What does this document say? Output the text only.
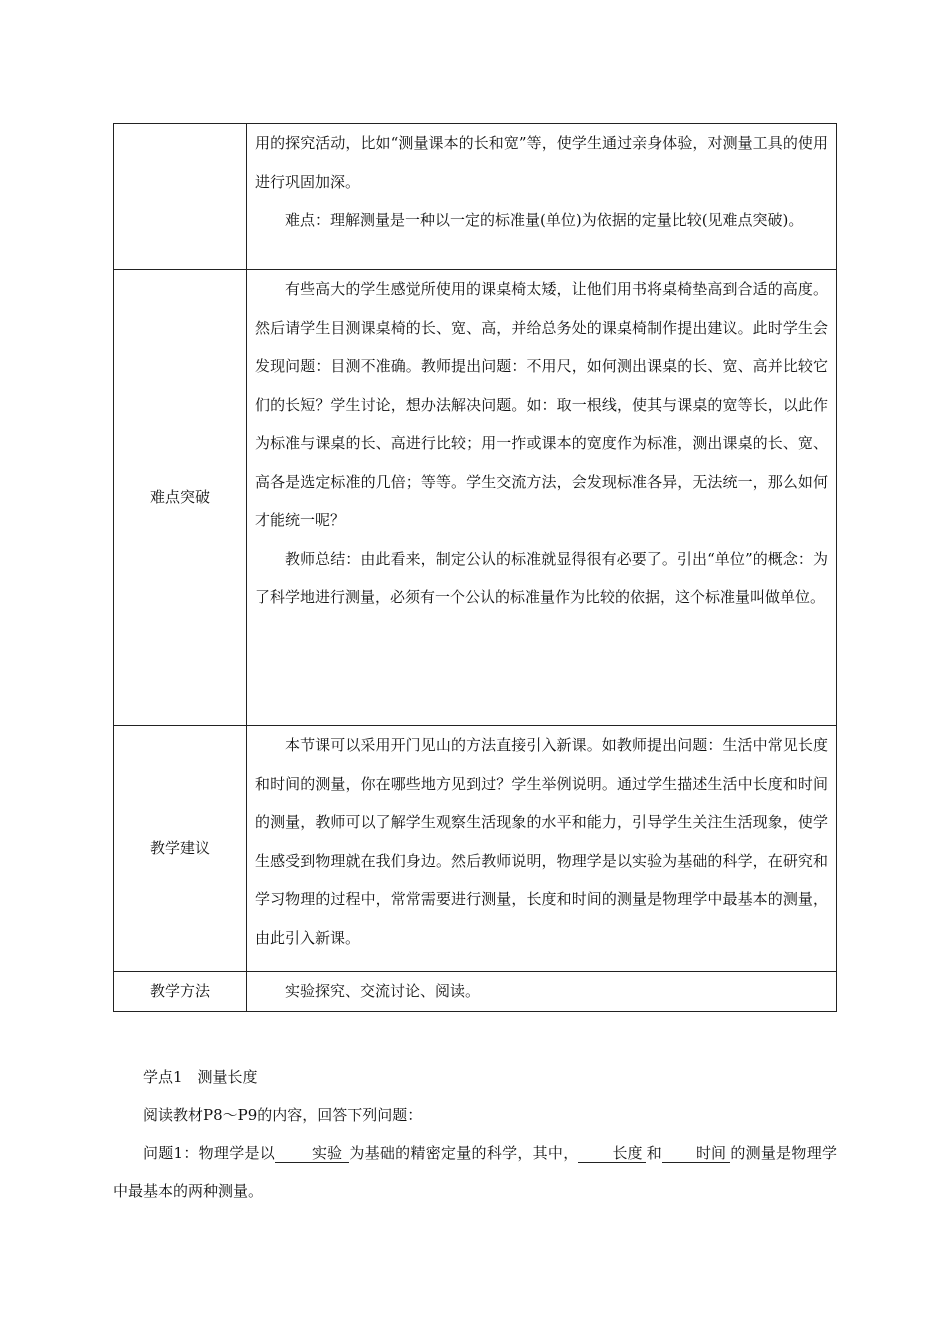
	用的探究活动，比如“测量课本的长和宽”等，使学生通过亲身体验，对测量工具的使用进行巩固加深。

难点：理解测量是一种以一定的标准量(单位)为依据的定量比较(见难点突破)。

难点突破	有些高大的学生感觉所使用的课桌椅太矮，让他们用书将桌椅垫高到合适的高度。然后请学生目测课桌椅的长、宽、高，并给总务处的课桌椅制作提出建议。此时学生会发现问题：目测不准确。教师提出问题：不用尺，如何测出课桌的长、宽、高并比较它们的长短？学生讨论，想办法解决问题。如：取一根线，使其与课桌的宽等长，以此作为标准与课桌的长、高进行比较；用一拃或课本的宽度作为标准，测出课桌的长、宽、高各是选定标准的几倍；等等。学生交流方法，会发现标准各异，无法统一，那么如何才能统一呢？

教师总结：由此看来，制定公认的标准就显得很有必要了。引出“单位”的概念：为了科学地进行测量，必须有一个公认的标准量作为比较的依据，这个标准量叫做单位。

教学建议	本节课可以采用开门见山的方法直接引入新课。如教师提出问题：生活中常见长度和时间的测量，你在哪些地方见到过？学生举例说明。通过学生描述生活中长度和时间的测量，教师可以了解学生观察生活现象的水平和能力，引导学生关注生活现象，使学生感受到物理就在我们身边。然后教师说明，物理学是以实验为基础的科学，在研究和学习物理的过程中，常常需要进行测量，长度和时间的测量是物理学中最基本的测量，由此引入新课。

教学方法	实验探究、交流讨论、阅读。

学点1　测量长度

阅读教材P8～P9的内容，回答下列问题：

问题1：物理学是以 实验 为基础的精密定量的科学，其中， 长度 和 时间 的测量是物理学中最基本的两种测量。
